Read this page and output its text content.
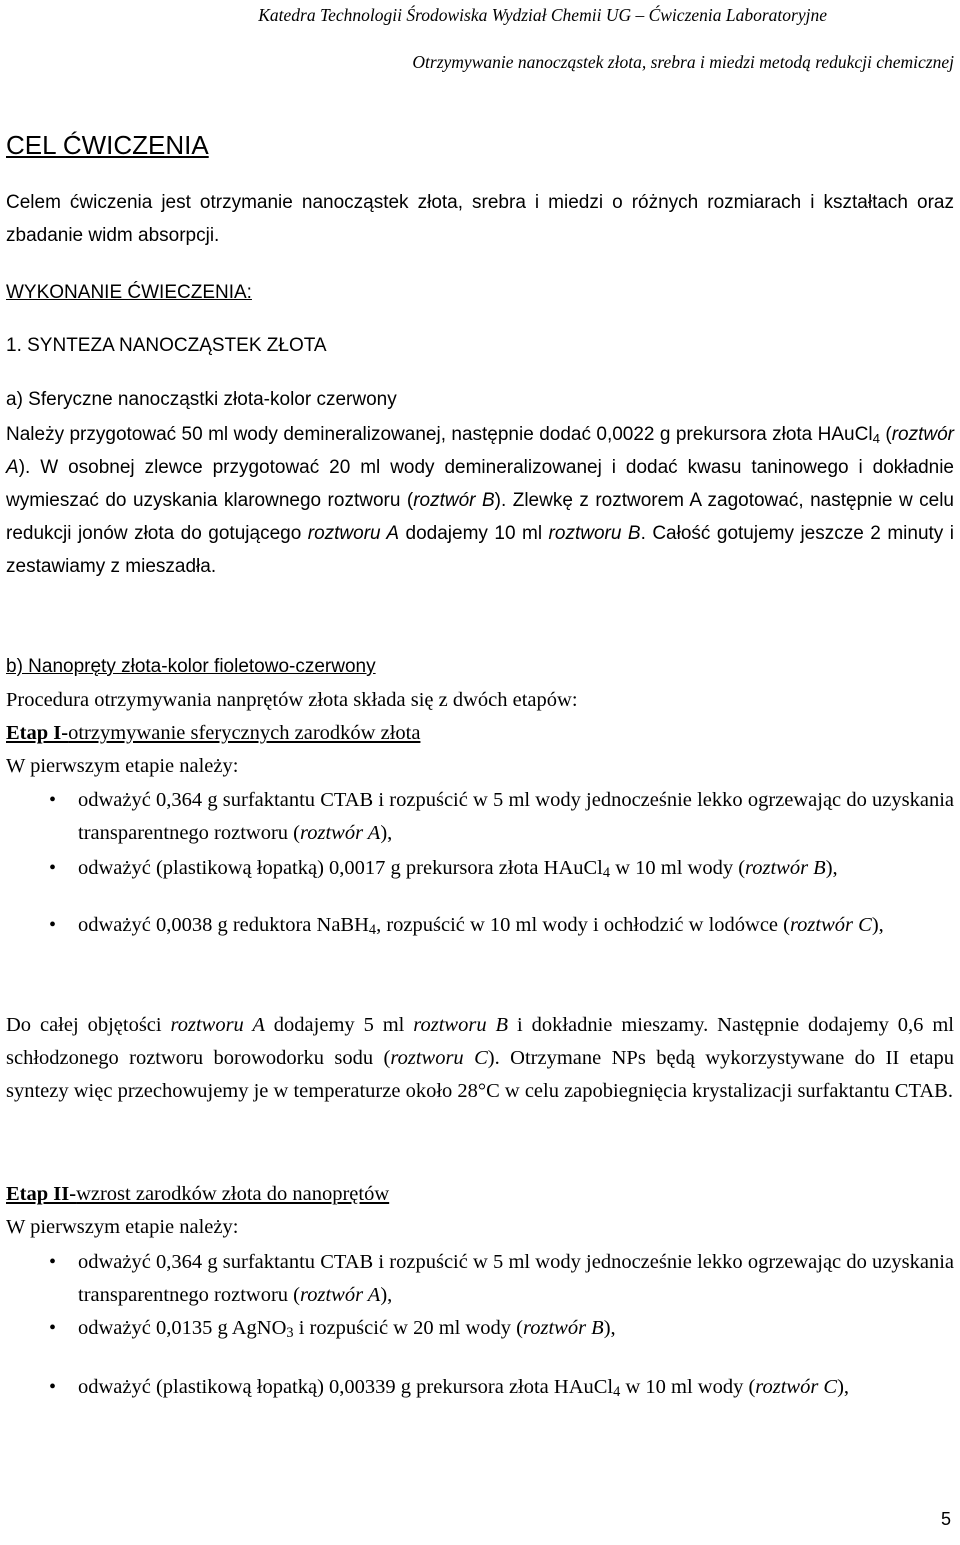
Katedra Technologii Środowiska Wydział Chemii UG – Ćwiczenia Laboratoryjne
Otrzymywanie nanocząstek złota, srebra i miedzi metodą redukcji chemicznej
CEL ĆWICZENIA
Celem ćwiczenia jest otrzymanie nanocząstek złota, srebra i miedzi o różnych rozmiarach i kształtach oraz zbadanie widm absorpcji.
WYKONANIE ĆWIECZENIA:
1. SYNTEZA NANOCZĄSTEK ZŁOTA
a) Sferyczne nanocząstki złota-kolor czerwony
Należy przygotować 50 ml wody demineralizowanej, następnie dodać 0,0022 g prekursora złota HAuCl$_4$ (roztwór A). W osobnej zlewce przygotować 20 ml wody demineralizowanej i dodać kwasu taninowego i dokładnie wymieszać do uzyskania klarownego roztworu (roztwór B). Zlewkę z roztworem A zagotować, następnie w celu redukcji jonów złota do gotującego roztworu A dodajemy 10 ml roztworu B. Całość gotujemy jeszcze 2 minuty i zestawiamy z mieszadła.
b) Nanopręty złota-kolor fioletowo-czerwony
Procedura otrzymywania nanprętów złota składa się z dwóch etapów:
Etap I-otrzymywanie sferycznych zarodków złota
W pierwszym etapie należy:
• odważyć 0,364 g surfaktantu CTAB i rozpuścić w 5 ml wody jednocześnie lekko ogrzewając do uzyskania transparentnego roztworu (roztwór A),
• odważyć (plastikową łopatką) 0,0017 g prekursora złota HAuCl$_4$ w 10 ml wody (roztwór B),
• odważyć 0,0038 g reduktora NaBH$_4$, rozpuścić w 10 ml wody i ochłodzić w lodówce (roztwór C),
Do całej objętości roztworu A dodajemy 5 ml roztworu B i dokładnie mieszamy. Następnie dodajemy 0,6 ml schłodzonego roztworu borowodorku sodu (roztworu C). Otrzymane NPs będą wykorzystywane do II etapu syntezy więc przechowujemy je w temperaturze około 28°C w celu zapobiegnięcia krystalizacji surfaktantu CTAB.
Etap II-wzrost zarodków złota do nanoprętów
W pierwszym etapie należy:
• odważyć 0,364 g surfaktantu CTAB i rozpuścić w 5 ml wody jednocześnie lekko ogrzewając do uzyskania transparentnego roztworu (roztwór A),
• odważyć 0,0135 g AgNO$_3$ i rozpuścić w 20 ml wody (roztwór B),
• odważyć (plastikową łopatką) 0,00339 g prekursora złota HAuCl$_4$ w 10 ml wody (roztwór C),
5
